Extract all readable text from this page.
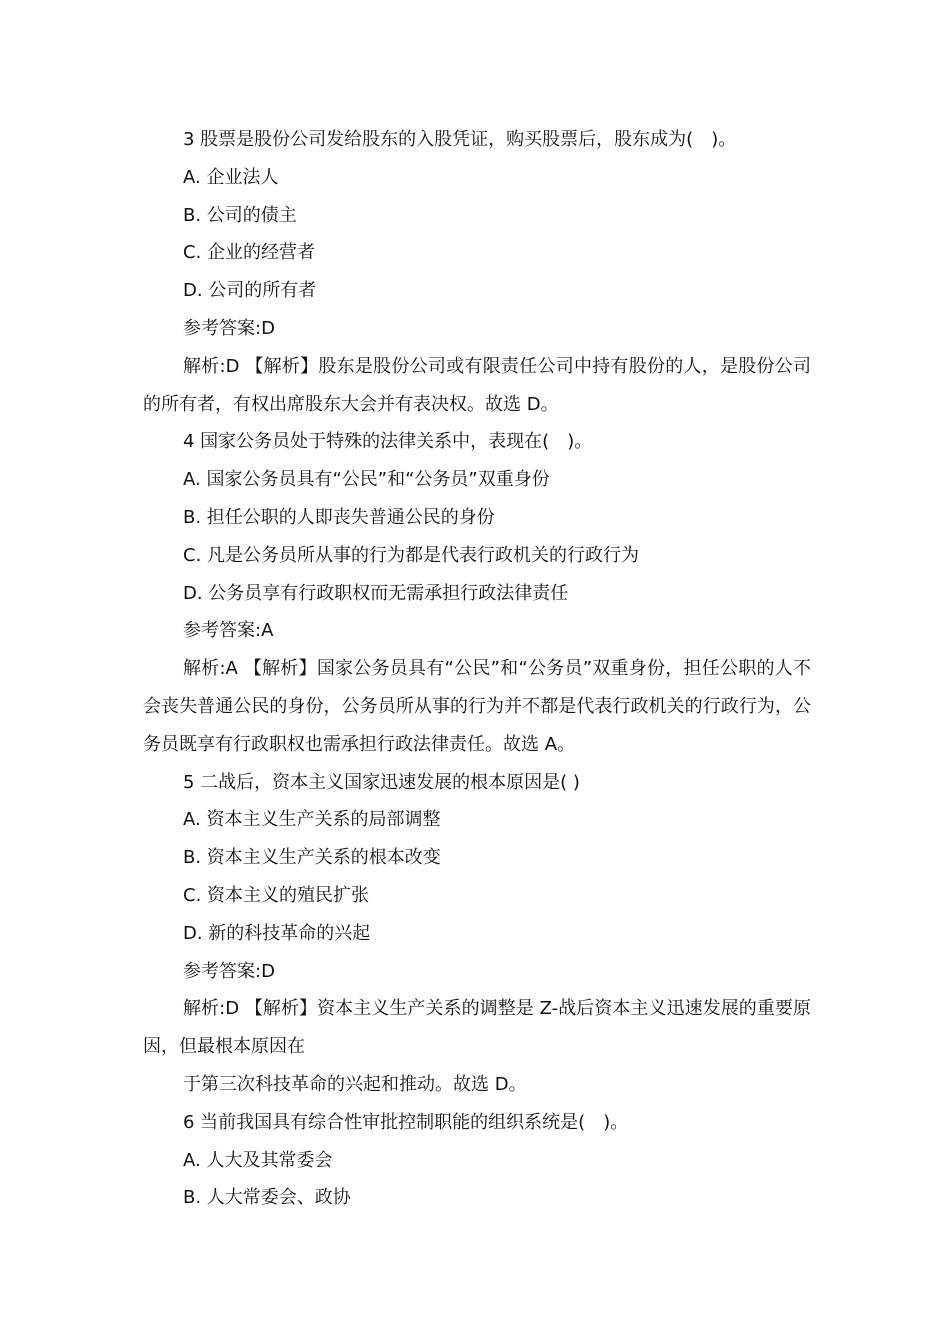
3 股票是股份公司发给股东的入股凭证，购买股票后，股东成为(　)。

A. 企业法人

B. 公司的债主

C. 企业的经营者

D. 公司的所有者

参考答案:D

解析:D 【解析】股东是股份公司或有限责任公司中持有股份的人，是股份公司的所有者，有权出席股东大会并有表决权。故选 D。

4 国家公务员处于特殊的法律关系中，表现在(　)。

A. 国家公务员具有“公民”和“公务员”双重身份

B. 担任公职的人即丧失普通公民的身份

C. 凡是公务员所从事的行为都是代表行政机关的行政行为

D. 公务员享有行政职权而无需承担行政法律责任

参考答案:A

解析:A 【解析】国家公务员具有“公民”和“公务员”双重身份，担任公职的人不会丧失普通公民的身份，公务员所从事的行为并不都是代表行政机关的行政行为，公务员既享有行政职权也需承担行政法律责任。故选 A。

5 二战后，资本主义国家迅速发展的根本原因是( )

A. 资本主义生产关系的局部调整

B. 资本主义生产关系的根本改变

C. 资本主义的殖民扩张

D. 新的科技革命的兴起

参考答案:D

解析:D 【解析】资本主义生产关系的调整是 Z-战后资本主义迅速发展的重要原因，但最根本原因在

于第三次科技革命的兴起和推动。故选 D。

6 当前我国具有综合性审批控制职能的组织系统是(　)。

A. 人大及其常委会

B. 人大常委会、政协
